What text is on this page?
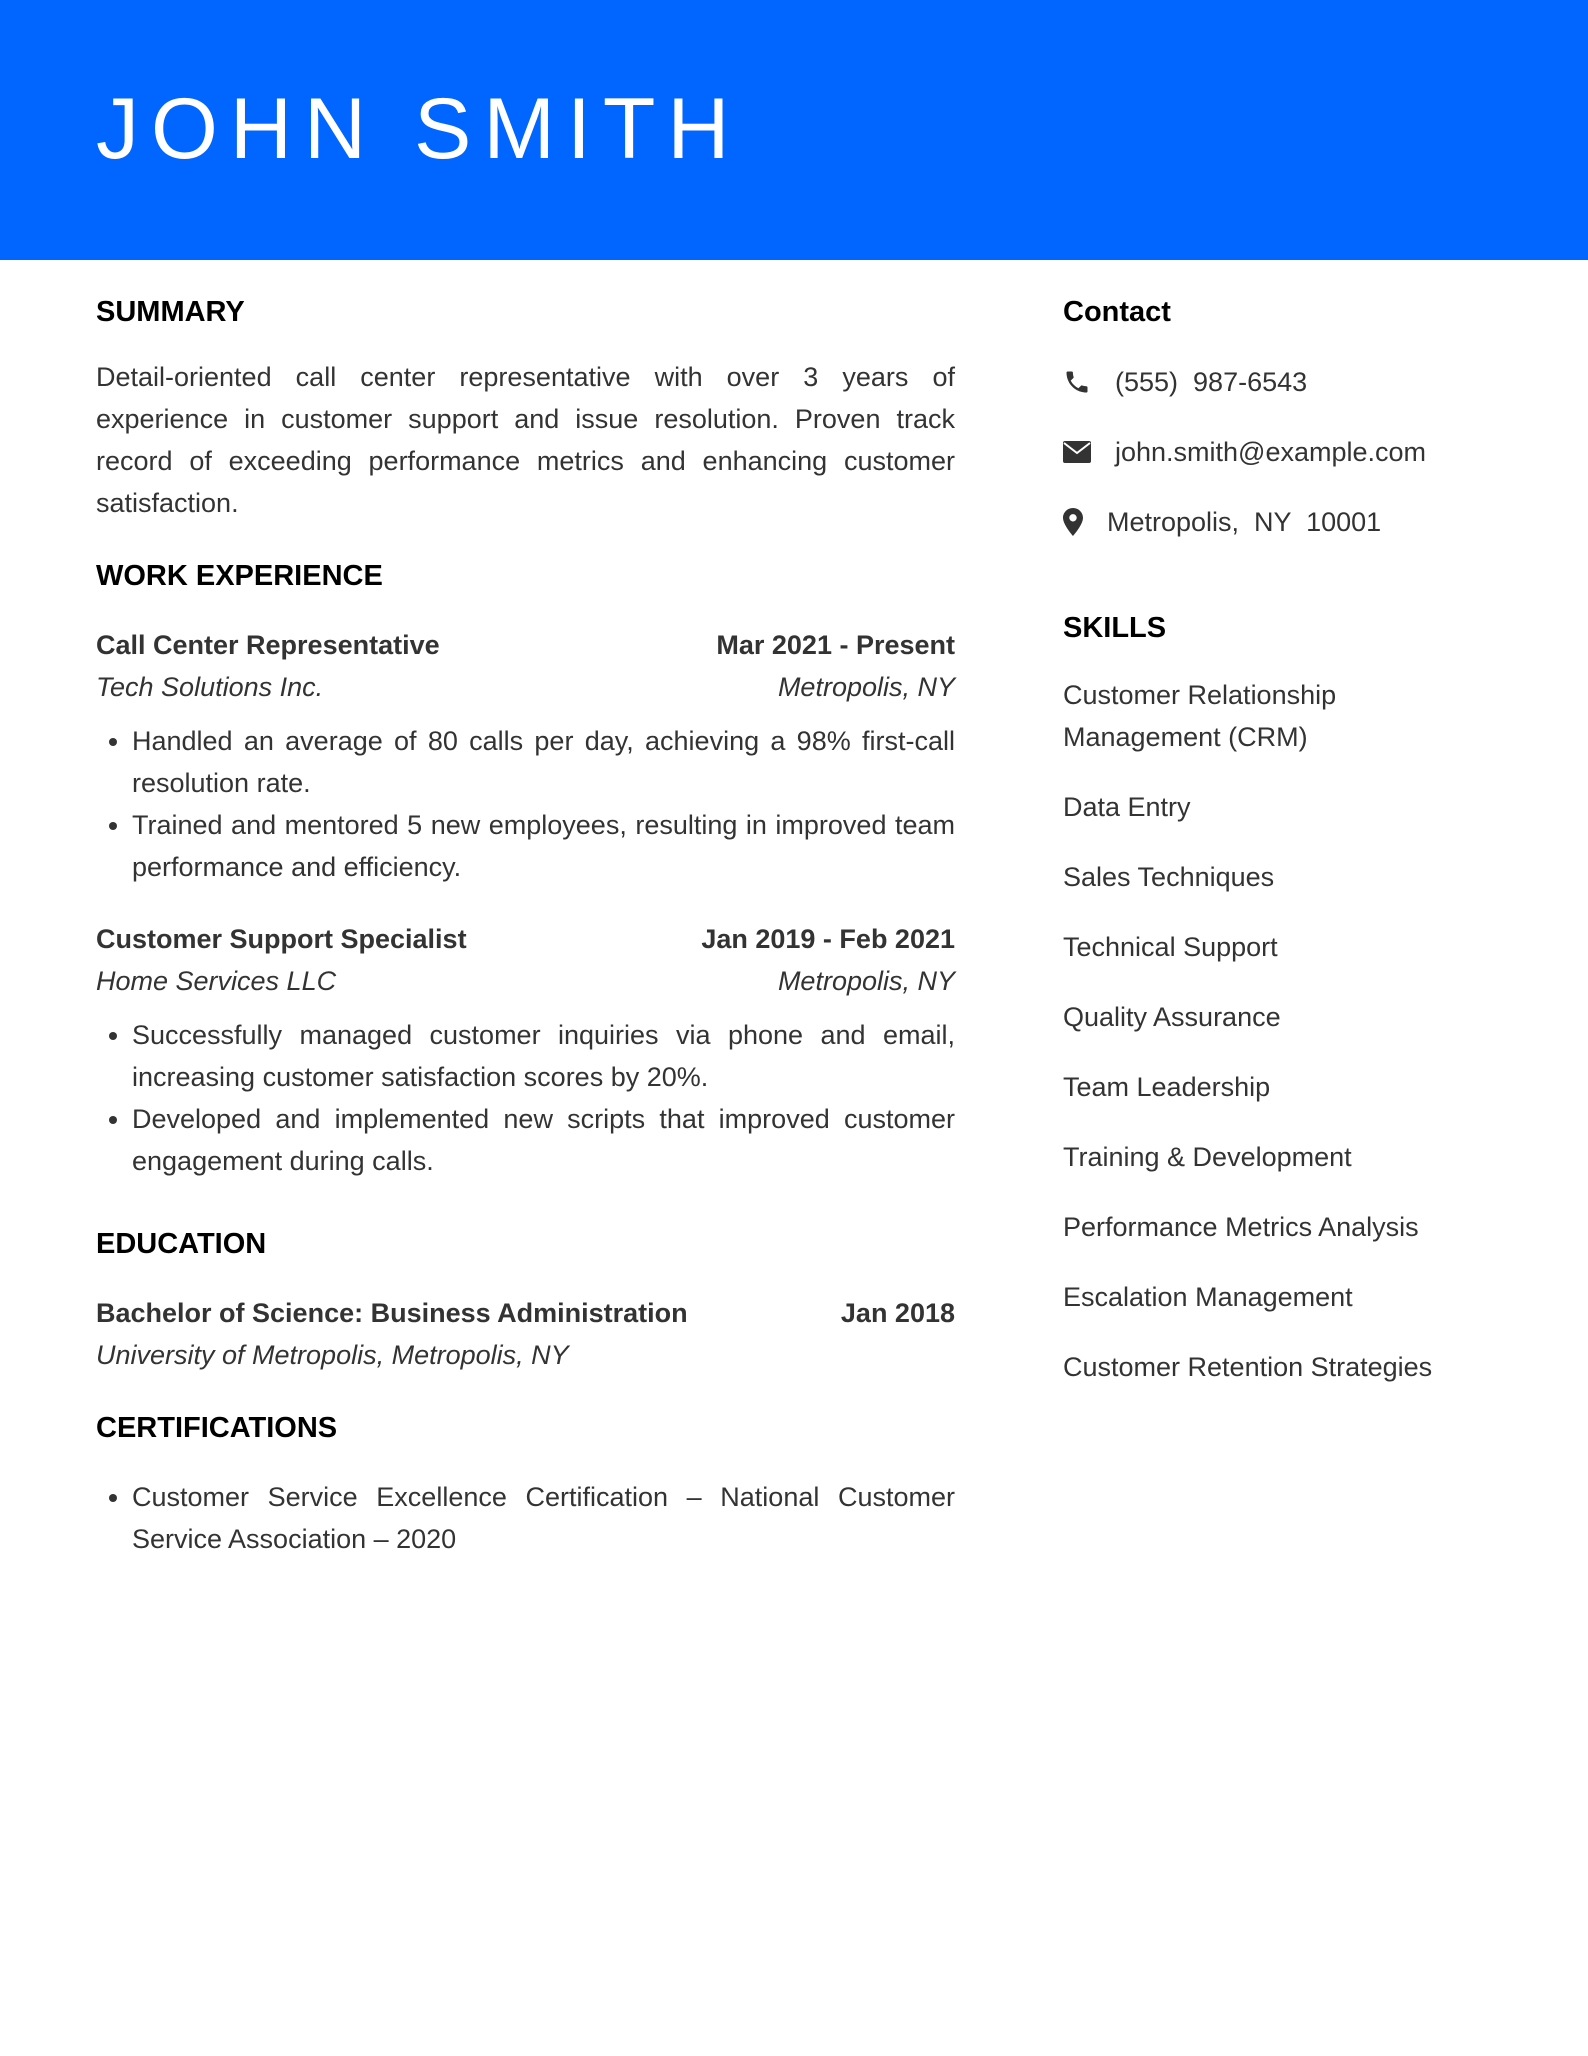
JOHN SMITH
SUMMARY

Detail-oriented call center representative with over 3 years of experience in customer support and issue resolution. Proven track record of exceeding performance metrics and enhancing customer satisfaction.

WORK EXPERIENCE
Call Center Representative	Mar 2021 - Present
Tech Solutions Inc.	Metropolis, NY
• Handled an average of 80 calls per day, achieving a 98% first-call resolution rate.
• Trained and mentored 5 new employees, resulting in improved team performance and efficiency.
Customer Support Specialist	Jan 2019 - Feb 2021
Home Services LLC	Metropolis, NY
• Successfully managed customer inquiries via phone and email, increasing customer satisfaction scores by 20%.
• Developed and implemented new scripts that improved customer engagement during calls.
EDUCATION
Bachelor of Science: Business Administration	Jan 2018
University of Metropolis, Metropolis, NY
CERTIFICATIONS
• Customer Service Excellence Certification – National Customer Service Association – 2020
Contact
(555)  987-6543
john.smith@example.com
Metropolis,  NY  10001
SKILLS

Customer Relationship Management (CRM)

Data Entry

Sales Techniques

Technical Support

Quality Assurance

Team Leadership

Training & Development

Performance Metrics Analysis

Escalation Management

Customer Retention Strategies
